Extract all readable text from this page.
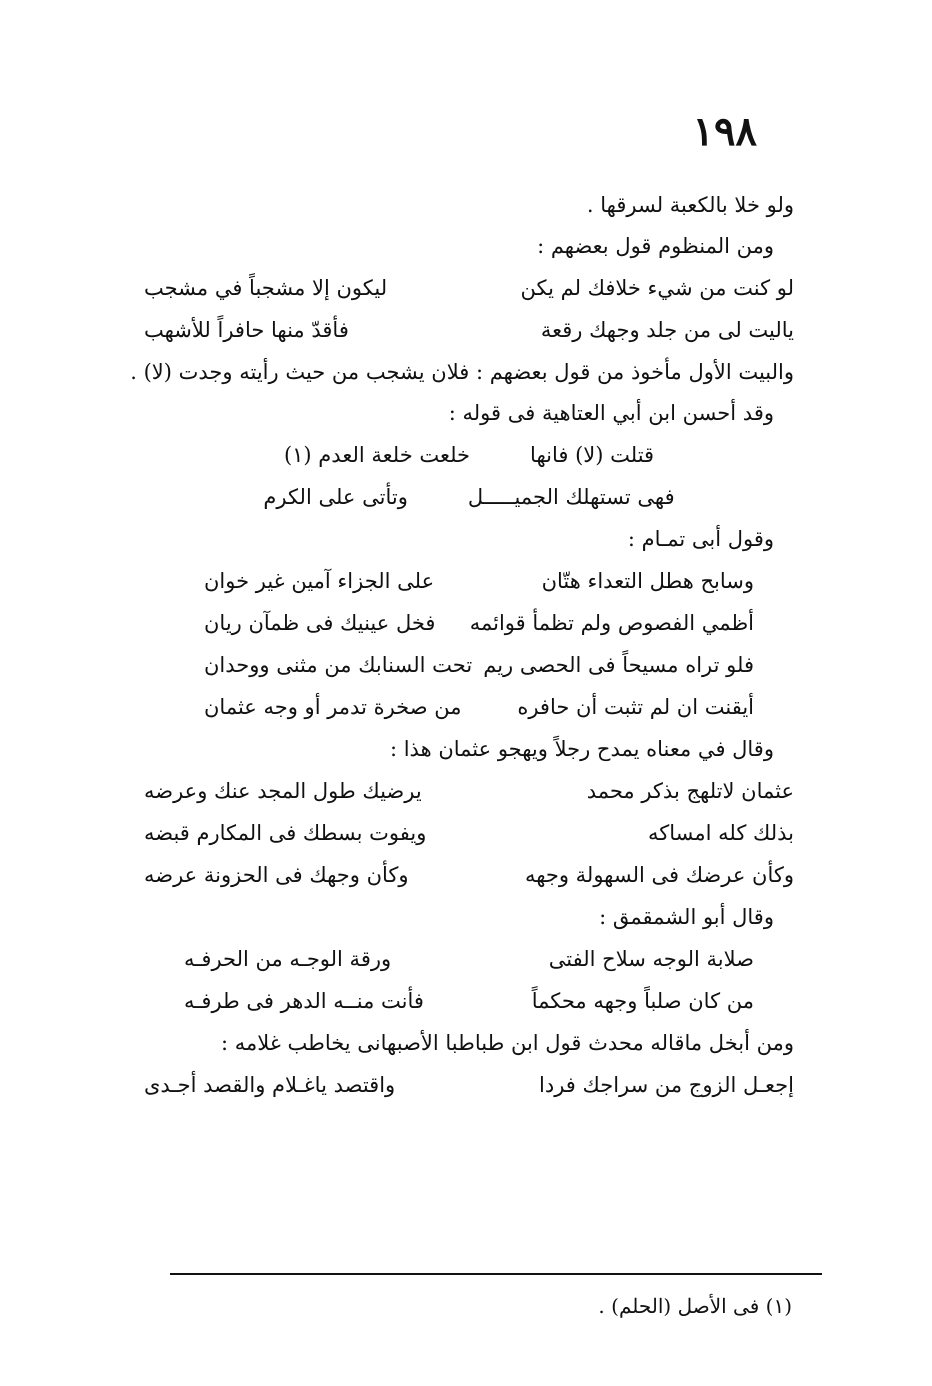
١٩٨
ولو خلا بالكعبة لسرقها .
ومن المنظوم قول بعضهم :
لو كنت من شيء خلافك لم يكن
ليكون إلا مشجباً في مشجب
ياليت لى من جلد وجهك رقعة
فأقدّ منها حافراً للأشهب
والبيت الأول مأخوذ من قول بعضهم : فلان يشجب من حيث رأيته وجدت (لا) .
وقد أحسن ابن أبي العتاهية فى قوله :
قتلت (لا) فانها
خلعت خلعة العدم (١)
فهى تستهلك الجميـــــل
وتأتى على الكرم
وقول أبى تمـام :
وسابح هطل التعداء هتّان
على الجزاء آمين غير خوان
أظمي الفصوص ولم تظمأ قوائمه
فخل عينيك فى ظمآن ريان
فلو تراه مسيحاً فى الحصى ريم
تحت السنابك من مثنى ووحدان
أيقنت ان لم تثبت أن حافره
من صخرة تدمر أو وجه عثمان
وقال في معناه يمدح رجلاً ويهجو عثمان هذا :
عثمان لاتلهج بذكر محمد
يرضيك طول المجد عنك وعرضه
بذلك كله امساكه
ويفوت بسطك فى المكارم قبضه
وكأن عرضك فى السهولة وجهه
وكأن وجهك فى الحزونة عرضه
وقال أبو الشمقمق :
صلابة الوجه سلاح الفتى
ورقة الوجـه من الحرفـه
من كان صلباً وجهه محكماً
فأنت منــه الدهر فى طرفـه
ومن أبخل ماقاله محدث قول ابن طباطبا الأصبهانى يخاطب غلامه :
إجعـل الزوج من سراجك فردا
واقتصد ياغـلام والقصد أجـدى
(١) فى الأصل (الحلم) .
